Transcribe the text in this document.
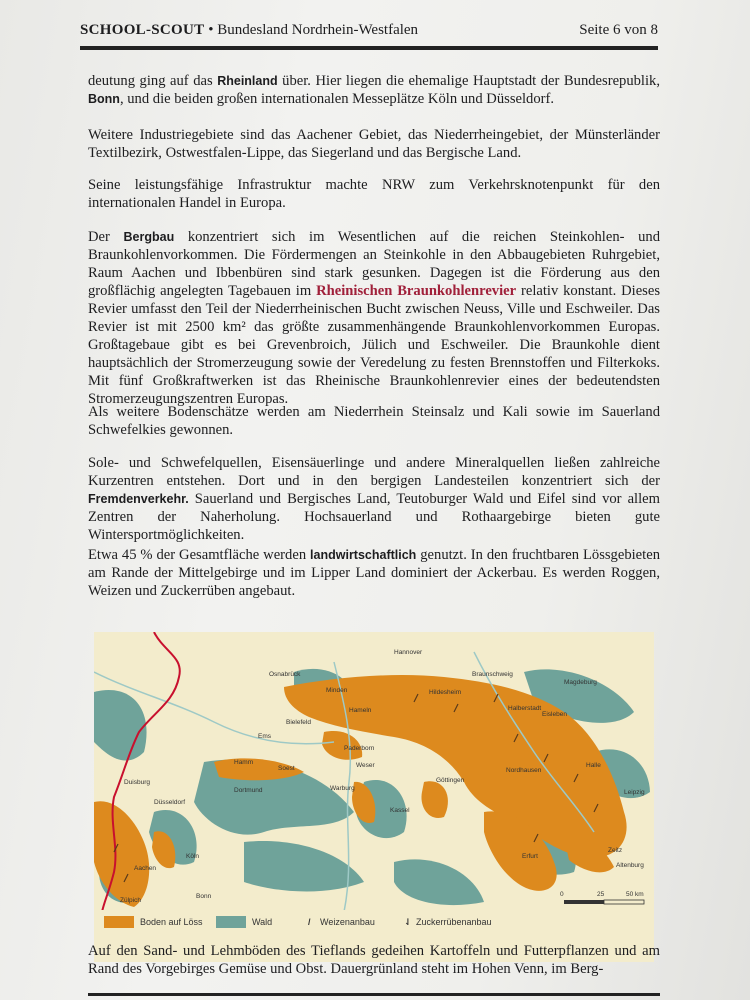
SCHOOL-SCOUT • Bundesland Nordrhein-Westfalen	Seite 6 von 8

deutung ging auf das Rheinland über. Hier liegen die ehemalige Hauptstadt der Bundesrepublik, Bonn, und die beiden großen internationalen Messeplätze Köln und Düsseldorf.

Weitere Industriegebiete sind das Aachener Gebiet, das Niederrheingebiet, der Münsterländer Textilbezirk, Ostwestfalen-Lippe, das Siegerland und das Bergische Land.

Seine leistungsfähige Infrastruktur machte NRW zum Verkehrsknotenpunkt für den internationalen Handel in Europa.

Der Bergbau konzentriert sich im Wesentlichen auf die reichen Steinkohlen- und Braunkohlenvorkommen. Die Fördermengen an Steinkohle in den Abbaugebieten Ruhrgebiet, Raum Aachen und Ibbenbüren sind stark gesunken. Dagegen ist die Förderung aus den großflächig angelegten Tagebauen im Rheinischen Braunkohlenrevier relativ konstant. Dieses Revier umfasst den Teil der Niederrheinischen Bucht zwischen Neuss, Ville und Eschweiler. Das Revier ist mit 2500 km² das größte zusammenhängende Braunkohlenvorkommen Europas. Großtagebaue gibt es bei Grevenbroich, Jülich und Eschweiler. Die Braunkohle dient hauptsächlich der Stromerzeugung sowie der Veredelung zu festen Brennstoffen und Filterkoks. Mit fünf Großkraftwerken ist das Rheinische Braunkohlenrevier eines der bedeutendsten Stromerzeugungszentren Europas.

Als weitere Bodenschätze werden am Niederrhein Steinsalz und Kali sowie im Sauerland Schwefelkies gewonnen.

Sole- und Schwefelquellen, Eisensäuerlinge und andere Mineralquellen ließen zahlreiche Kurzentren entstehen. Dort und in den bergigen Landesteilen konzentriert sich der Fremdenverkehr. Sauerland und Bergisches Land, Teutoburger Wald und Eifel sind vor allem Zentren der Naherholung. Hochsauerland und Rothaargebirge bieten gute Wintersportmöglichkeiten.

Etwa 45 % der Gesamtfläche werden landwirtschaftlich genutzt. In den fruchtbaren Lössgebieten am Rande der Mittelgebirge und im Lipper Land dominiert der Ackerbau. Es werden Roggen, Weizen und Zuckerrüben angebaut.

Hannover
Osnabrück
Minden
Braunschweig
Magdeburg
Hildesheim
Hameln	Halberstadt
Bielefeld
Paderborn
Hamm
Soest
Dortmund
Göttingen
Nordhausen
Halle
Leipzig
Duisburg
Düsseldorf
Warburg
Kassel
Köln
Bonn
Erfurt
Zeitz
Altenburg
Aachen
Zülpich
Eisleben
Ems
Weser
0	25	50 km
Boden auf Löss	Wald	/ Weizenanbau	⇃ Zuckerrübenanbau

Auf den Sand- und Lehmböden des Tieflands gedeihen Kartoffeln und Futterpflanzen und am Rand des Vorgebirges Gemüse und Obst. Dauergrünland steht im Hohen Venn, im Berg-
